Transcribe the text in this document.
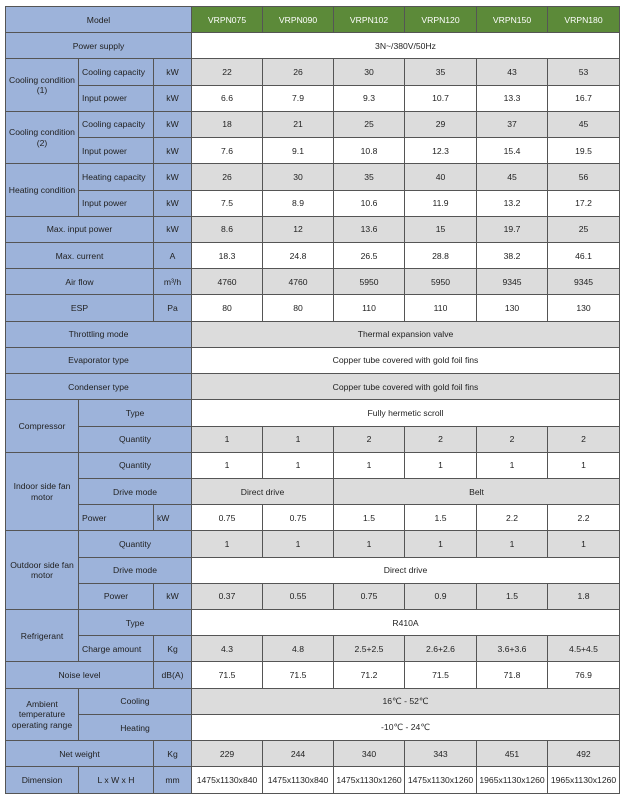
Model			VRPN075	VRPN090	VRPN102	VRPN120	VRPN150	VRPN180
Power supply			3N~/380V/50Hz					
Cooling condition (1)	Cooling capacity	kW	22	26	30	35	43	53
	Input power	kW	6.6	7.9	9.3	10.7	13.3	16.7
Cooling condition (2)	Cooling capacity	kW	18	21	25	29	37	45
	Input power	kW	7.6	9.1	10.8	12.3	15.4	19.5
Heating condition	Heating capacity	kW	26	30	35	40	45	56
	Input power	kW	7.5	8.9	10.6	11.9	13.2	17.2
Max. input power		kW	8.6	12	13.6	15	19.7	25
Max. current		A	18.3	24.8	26.5	28.8	38.2	46.1
Air flow		m³/h	4760	4760	5950	5950	9345	9345
ESP		Pa	80	80	110	110	130	130
Throttling mode			Thermal expansion valve					
Evaporator type			Copper tube covered with gold foil fins					
Condenser type			Copper tube covered with gold foil fins					
Compressor	Type		Fully hermetic scroll					
	Quantity		1	1	2	2	2	2
Indoor side fan motor	Quantity		1	1	1	1	1	1
	Drive mode		Direct drive		Belt			
	Power	kW	0.75	0.75	1.5	1.5	2.2	2.2
Outdoor side fan motor	Quantity		1	1	1	1	1	1
	Drive mode		Direct drive					
	Power	kW	0.37	0.55	0.75	0.9	1.5	1.8
Refrigerant	Type		R410A					
	Charge amount	Kg	4.3	4.8	2.5+2.5	2.6+2.6	3.6+3.6	4.5+4.5
Noise level		dB(A)	71.5	71.5	71.2	71.5	71.8	76.9
Ambient temperature operating range	Cooling		16℃ - 52℃					
	Heating		-10℃ - 24℃					
Net weight		Kg	229	244	340	343	451	492
Dimension	L x W x H	mm	1475x1130x840	1475x1130x840	1475x1130x1260	1475x1130x1260	1965x1130x1260	1965x1130x1260
